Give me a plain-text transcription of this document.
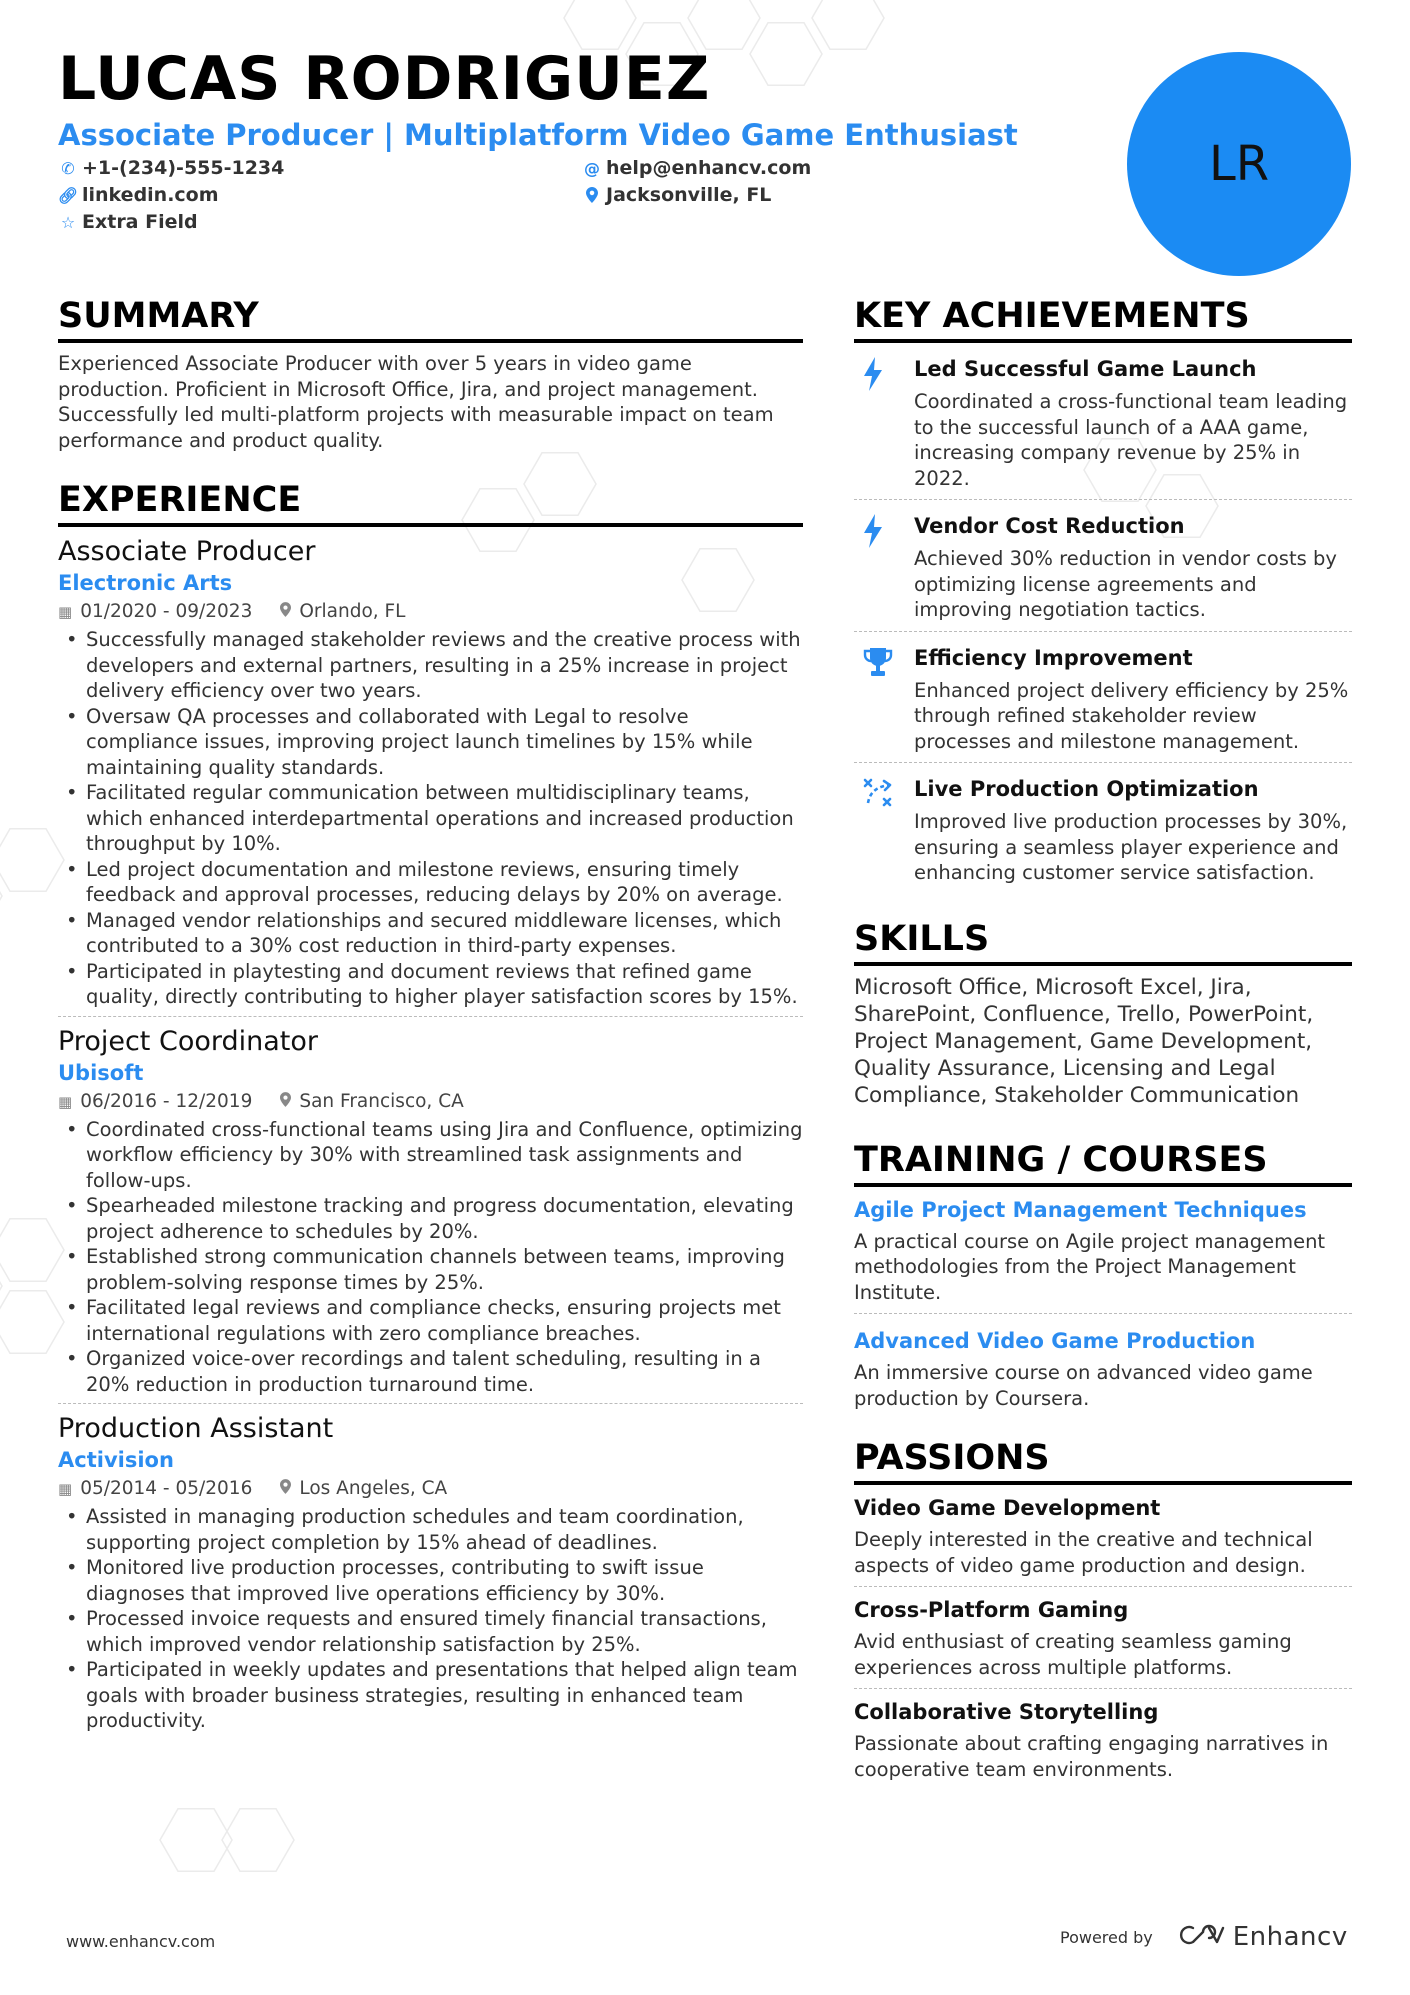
LUCAS RODRIGUEZ
Associate Producer | Multiplatform Video Game Enthusiast
✆ +1-(234)-555-1234	@ help@enhancv.com
🔗︎ linkedin.com	Jacksonville, FL
☆ Extra Field
LR
SUMMARY
Experienced Associate Producer with over 5 years in video game production. Proficient in Microsoft Office, Jira, and project management. Successfully led multi-platform projects with measurable impact on team performance and product quality.
EXPERIENCE
Associate Producer
Electronic Arts
▦ 01/2020 - 09/2023	Orlando, FL
• Successfully managed stakeholder reviews and the creative process with developers and external partners, resulting in a 25% increase in project delivery efficiency over two years.
• Oversaw QA processes and collaborated with Legal to resolve compliance issues, improving project launch timelines by 15% while maintaining quality standards.
• Facilitated regular communication between multidisciplinary teams, which enhanced interdepartmental operations and increased production throughput by 10%.
• Led project documentation and milestone reviews, ensuring timely feedback and approval processes, reducing delays by 20% on average.
• Managed vendor relationships and secured middleware licenses, which contributed to a 30% cost reduction in third-party expenses.
• Participated in playtesting and document reviews that refined game quality, directly contributing to higher player satisfaction scores by 15%.
Project Coordinator
Ubisoft
▦ 06/2016 - 12/2019	San Francisco, CA
• Coordinated cross-functional teams using Jira and Confluence, optimizing workflow efficiency by 30% with streamlined task assignments and follow-ups.
• Spearheaded milestone tracking and progress documentation, elevating project adherence to schedules by 20%.
• Established strong communication channels between teams, improving problem-solving response times by 25%.
• Facilitated legal reviews and compliance checks, ensuring projects met international regulations with zero compliance breaches.
• Organized voice-over recordings and talent scheduling, resulting in a 20% reduction in production turnaround time.
Production Assistant
Activision
▦ 05/2014 - 05/2016	Los Angeles, CA
• Assisted in managing production schedules and team coordination, supporting project completion by 15% ahead of deadlines.
• Monitored live production processes, contributing to swift issue diagnoses that improved live operations efficiency by 30%.
• Processed invoice requests and ensured timely financial transactions, which improved vendor relationship satisfaction by 25%.
• Participated in weekly updates and presentations that helped align team goals with broader business strategies, resulting in enhanced team productivity.
KEY ACHIEVEMENTS
Led Successful Game Launch
Coordinated a cross-functional team leading to the successful launch of a AAA game, increasing company revenue by 25% in 2022.
Vendor Cost Reduction
Achieved 30% reduction in vendor costs by optimizing license agreements and improving negotiation tactics.
Efficiency Improvement
Enhanced project delivery efficiency by 25% through refined stakeholder review processes and milestone management.
Live Production Optimization
Improved live production processes by 30%, ensuring a seamless player experience and enhancing customer service satisfaction.
SKILLS
Microsoft Office, Microsoft Excel, Jira, SharePoint, Confluence, Trello, PowerPoint, Project Management, Game Development, Quality Assurance, Licensing and Legal Compliance, Stakeholder Communication
TRAINING / COURSES
Agile Project Management Techniques
A practical course on Agile project management methodologies from the Project Management Institute.
Advanced Video Game Production
An immersive course on advanced video game production by Coursera.
PASSIONS
Video Game Development
Deeply interested in the creative and technical aspects of video game production and design.
Cross-Platform Gaming
Avid enthusiast of creating seamless gaming experiences across multiple platforms.
Collaborative Storytelling
Passionate about crafting engaging narratives in cooperative team environments.
www.enhancv.com	Powered by	Enhancv
